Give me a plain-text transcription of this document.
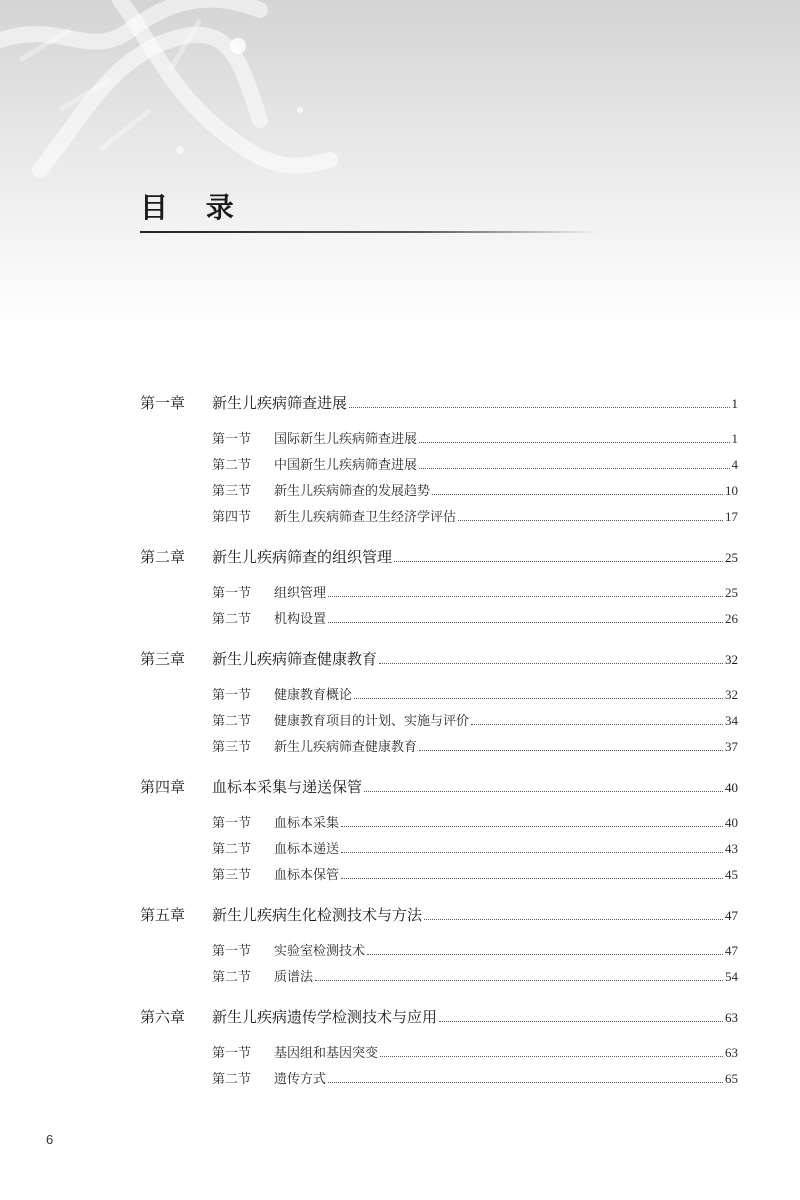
目 录
第一章	新生儿疾病筛查进展	1
第一节	国际新生儿疾病筛查进展	1
第二节	中国新生儿疾病筛查进展	4
第三节	新生儿疾病筛查的发展趋势	10
第四节	新生儿疾病筛查卫生经济学评估	17
第二章	新生儿疾病筛查的组织管理	25
第一节	组织管理	25
第二节	机构设置	26
第三章	新生儿疾病筛查健康教育	32
第一节	健康教育概论	32
第二节	健康教育项目的计划、实施与评价	34
第三节	新生儿疾病筛查健康教育	37
第四章	血标本采集与递送保管	40
第一节	血标本采集	40
第二节	血标本递送	43
第三节	血标本保管	45
第五章	新生儿疾病生化检测技术与方法	47
第一节	实验室检测技术	47
第二节	质谱法	54
第六章	新生儿疾病遗传学检测技术与应用	63
第一节	基因组和基因突变	63
第二节	遗传方式	65
6
